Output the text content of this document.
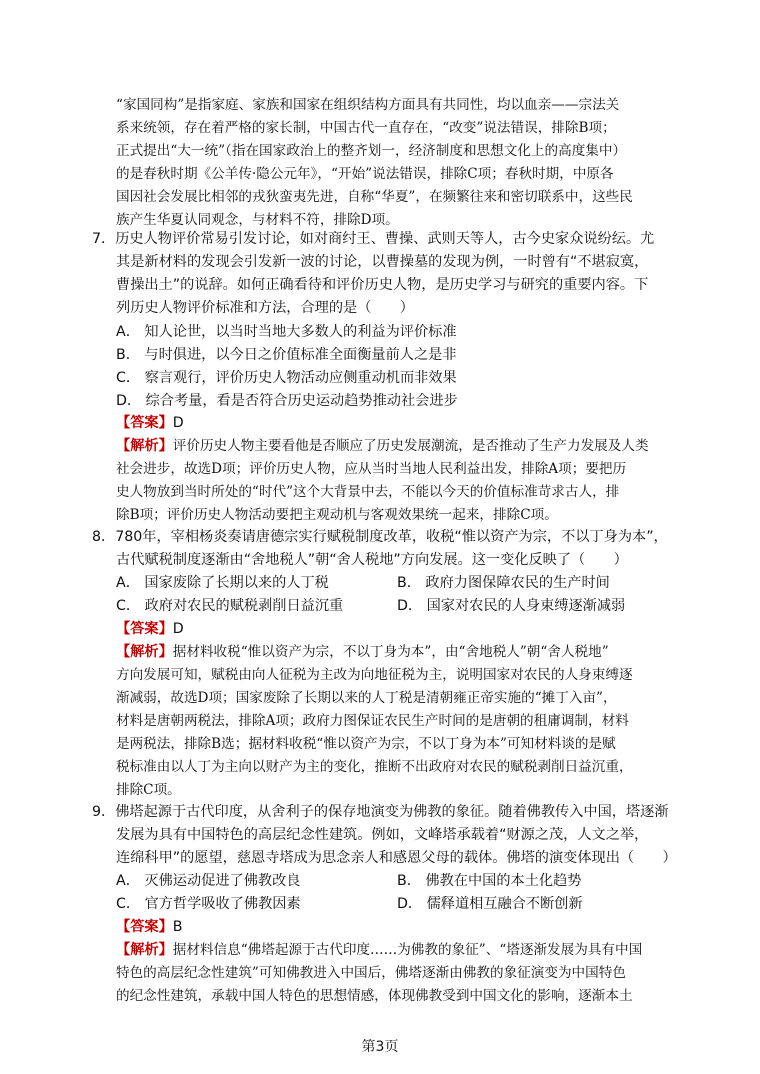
“家国同构”是指家庭、家族和国家在组织结构方面具有共同性，均以血亲——宗法关
系来统领，存在着严格的家长制，中国古代一直存在，“改变”说法错误，排除B项；
正式提出“大一统”（指在国家政治上的整齐划一，经济制度和思想文化上的高度集中）
的是春秋时期《公羊传·隐公元年》，“开始”说法错误，排除C项；春秋时期，中原各
国因社会发展比相邻的戎狄蛮夷先进，自称“华夏”，在频繁往来和密切联系中，这些民
族产生华夏认同观念，与材料不符，排除D项。
7．历史人物评价常易引发讨论，如对商纣王、曹操、武则天等人，古今史家众说纷纭。尤
其是新材料的发现会引发新一波的讨论，以曹操墓的发现为例，一时曾有“不堪寂寞，
曹操出土”的说辞。如何正确看待和评价历史人物，是历史学习与研究的重要内容。下
列历史人物评价标准和方法，合理的是（　　）
A． 知人论世，以当时当地大多数人的利益为评价标准
B． 与时俱进，以今日之价值标准全面衡量前人之是非
C． 察言观行，评价历史人物活动应侧重动机而非效果
D． 综合考量，看是否符合历史运动趋势推动社会进步
【答案】D
【解析】评价历史人物主要看他是否顺应了历史发展潮流，是否推动了生产力发展及人类
社会进步，故选D项；评价历史人物，应从当时当地人民利益出发，排除A项；要把历
史人物放到当时所处的“时代”这个大背景中去，不能以今天的价值标准苛求古人，排
除B项；评价历史人物活动要把主观动机与客观效果统一起来，排除C项。
8．780年，宰相杨炎奏请唐德宗实行赋税制度改革，收税“惟以资产为宗，不以丁身为本”，
古代赋税制度逐渐由“舍地税人”朝“舍人税地”方向发展。这一变化反映了（　　）
A． 国家废除了长期以来的人丁税	B． 政府力图保障农民的生产时间
C． 政府对农民的赋税剥削日益沉重	D． 国家对农民的人身束缚逐渐减弱
【答案】D
【解析】据材料收税“惟以资产为宗，不以丁身为本”，由“舍地税人”朝“舍人税地”
方向发展可知，赋税由向人征税为主改为向地征税为主，说明国家对农民的人身束缚逐
渐减弱，故选D项；国家废除了长期以来的人丁税是清朝雍正帝实施的“摊丁入亩”，
材料是唐朝两税法，排除A项；政府力图保证农民生产时间的是唐朝的租庸调制，材料
是两税法，排除B选；据材料收税“惟以资产为宗，不以丁身为本”可知材料谈的是赋
税标准由以人丁为主向以财产为主的变化，推断不出政府对农民的赋税剥削日益沉重，
排除C项。
9．佛塔起源于古代印度，从舍利子的保存地演变为佛教的象征。随着佛教传入中国，塔逐渐
发展为具有中国特色的高层纪念性建筑。例如，文峰塔承载着“财源之茂，人文之举，
连绵科甲”的愿望，慈恩寺塔成为思念亲人和感恩父母的载体。佛塔的演变体现出（　　）
A． 灭佛运动促进了佛教改良	B． 佛教在中国的本土化趋势
C． 官方哲学吸收了佛教因素	D． 儒释道相互融合不断创新
【答案】B
【解析】据材料信息“佛塔起源于古代印度……为佛教的象征”、“塔逐渐发展为具有中国
特色的高层纪念性建筑”可知佛教进入中国后，佛塔逐渐由佛教的象征演变为中国特色
的纪念性建筑，承载中国人特色的思想情感，体现佛教受到中国文化的影响，逐渐本土
第3页
